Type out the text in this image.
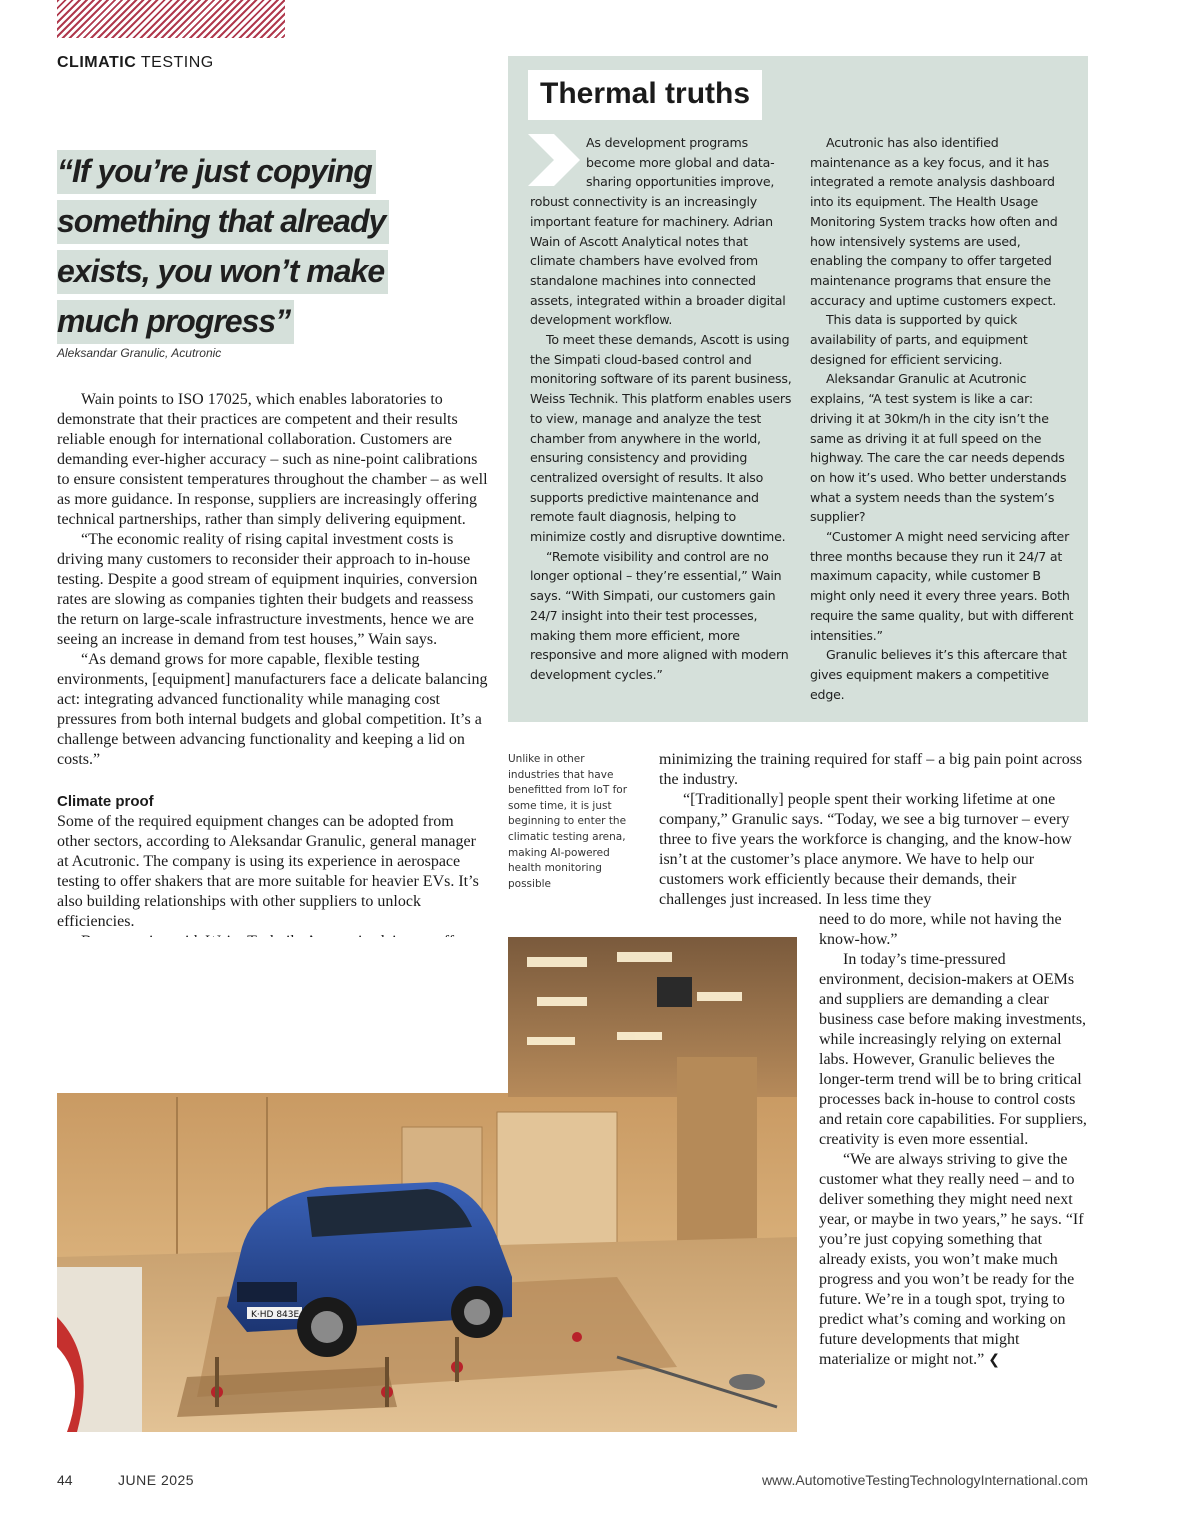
CLIMATIC TESTING
“If you’re just copying
something that already
exists, you won’t make
much progress”
Aleksandar Granulic, Acutronic

Wain points to ISO 17025, which enables laboratories to demonstrate that their practices are competent and their results reliable enough for international collaboration. Customers are demanding ever-higher accuracy – such as nine-point calibrations to ensure consistent temperatures throughout the chamber – as well as more guidance. In response, suppliers are increasingly offering technical partnerships, rather than simply delivering equipment.

“The economic reality of rising capital investment costs is driving many customers to reconsider their approach to in-house testing. Despite a good stream of equipment inquiries, conversion rates are slowing as companies tighten their budgets and reassess the return on large-scale infrastructure investments, hence we are seeing an increase in demand from test houses,” Wain says.

“As demand grows for more capable, flexible testing environments, [equipment] manufacturers face a delicate balancing act: integrating advanced functionality while managing cost pressures from both internal budgets and global competition. It’s a challenge between advancing functionality and keeping a lid on costs.”

Climate proof

Some of the required equipment changes can be adopted from other sectors, according to Aleksandar Granulic, general manager at Acutronic. The company is using its experience in aerospace testing to offer shakers that are more suitable for heavier EVs. It’s also building relationships with other suppliers to unlock efficiencies.

Thermal truths

As development programs become more global and data-sharing opportunities improve, robust connectivity is an increasingly important feature for machinery. Adrian Wain of Ascott Analytical notes that climate chambers have evolved from standalone machines into connected assets, integrated within a broader digital development workflow.

To meet these demands, Ascott is using the Simpati cloud-based control and monitoring software of its parent business, Weiss Technik. This platform enables users to view, manage and analyze the test chamber from anywhere in the world, ensuring consistency and providing centralized oversight of results. It also supports predictive maintenance and remote fault diagnosis, helping to minimize costly and disruptive downtime.

“Remote visibility and control are no longer optional – they’re essential,” Wain says. “With Simpati, our customers gain 24/7 insight into their test processes, making them more efficient, more responsive and more aligned with modern development cycles.”

Acutronic has also identified maintenance as a key focus, and it has integrated a remote analysis dashboard into its equipment. The Health Usage Monitoring System tracks how often and how intensively systems are used, enabling the company to offer targeted maintenance programs that ensure the accuracy and uptime customers expect.

This data is supported by quick availability of parts, and equipment designed for efficient servicing.

Aleksandar Granulic at Acutronic explains, “A test system is like a car: driving it at 30km/h in the city isn’t the same as driving it at full speed on the highway. The care the car needs depends on how it’s used. Who better understands what a system needs than the system’s supplier?

“Customer A might need servicing after three months because they run it 24/7 at maximum capacity, while customer B might only need it every three years. Both require the same quality, but with different intensities.”

Granulic believes it’s this aftercare that gives equipment makers a competitive edge.

Unlike in other industries that have benefitted from IoT for some time, it is just beginning to enter the climatic testing arena, making AI-powered health monitoring possible

minimizing the training required for staff – a big pain point across the industry.

“[Traditionally] people spent their working lifetime at one company,” Granulic says. “Today, we see a big turnover – every three to five years the workforce is changing, and the know-how isn’t at the customer’s place anymore. We have to help our customers work efficiently because their demands, their challenges just increased. In less time they

need to do more, while not having the know-how.”

In today’s time-pressured environment, decision-makers at OEMs and suppliers are demanding a clear business case before making investments, while increasingly relying on external labs. However, Granulic believes the longer-term trend will be to bring critical processes back in-house to control costs and retain core capabilities. For suppliers, creativity is even more essential.

“We are always striving to give the customer what they really need – and to deliver something they might need next year, or maybe in two years,” he says. “If you’re just copying something that already exists, you won’t make much progress and you won’t be ready for the future. We’re in a tough spot, trying to predict what’s coming and working on future developments that might materialize or might not.” ❮

K·HD 843E
44	JUNE 2025	www.AutomotiveTestingTechnologyInternational.com
